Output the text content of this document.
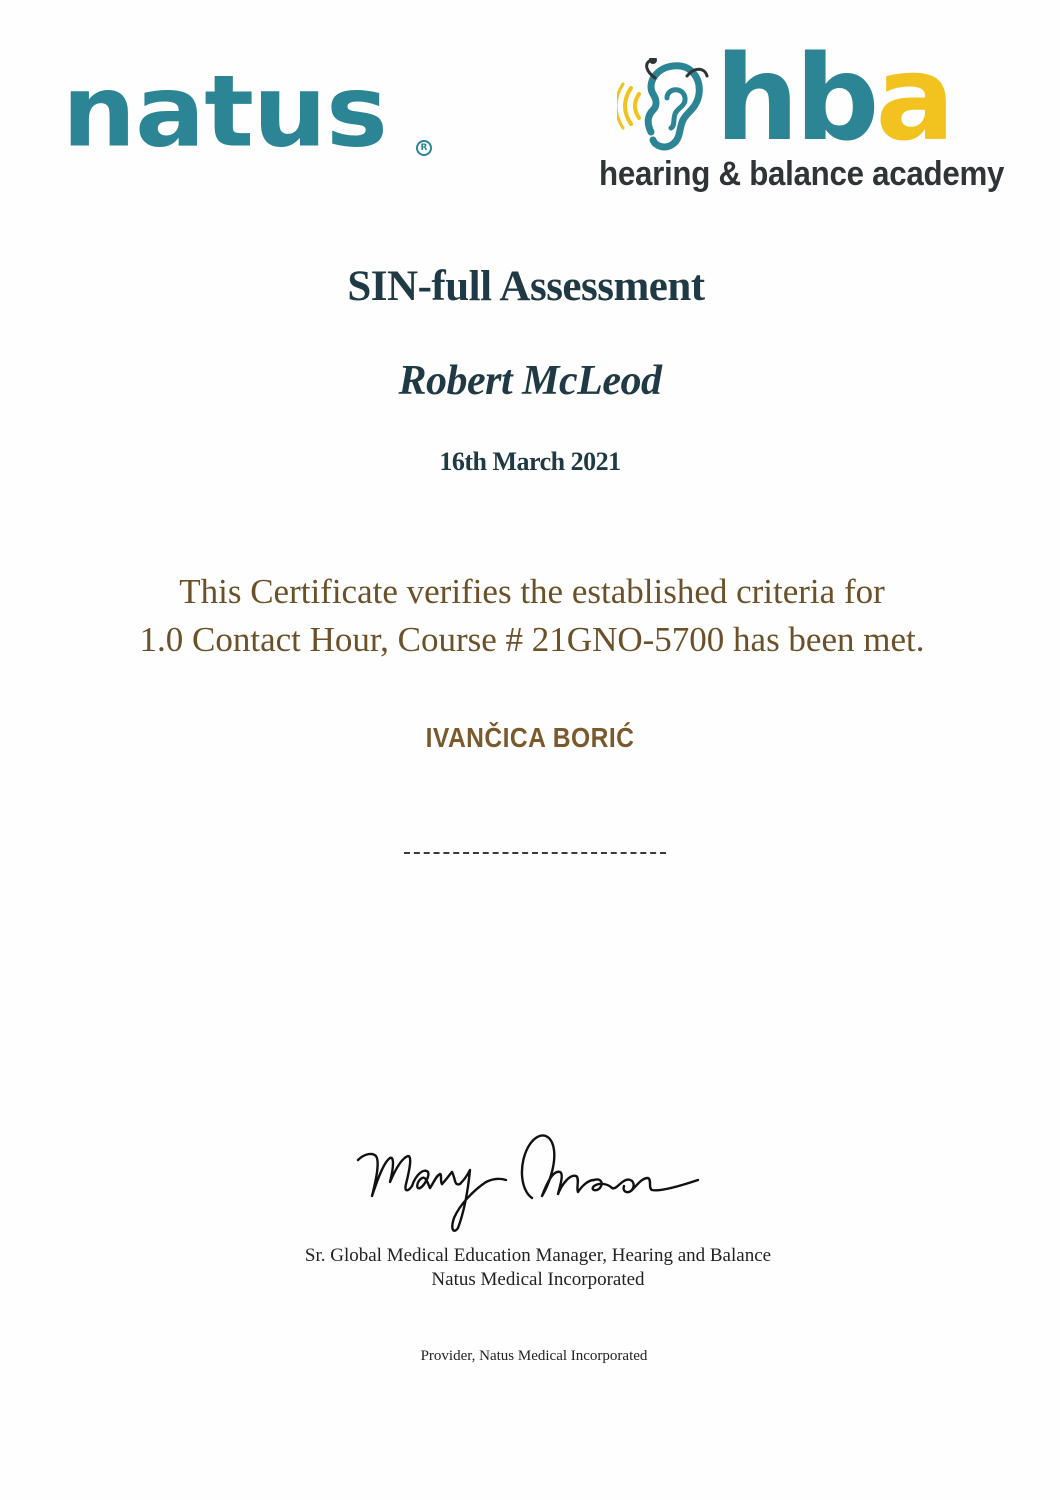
natus	R hba
hearing & balance academy
SIN-full Assessment
Robert McLeod
16th March 2021
This Certificate verifies the established criteria for
1.0 Contact Hour, Course # 21GNO-5700 has been met.
IVANČICA BORIĆ
Sr. Global Medical Education Manager, Hearing and Balance
Natus Medical Incorporated
Provider, Natus Medical Incorporated
